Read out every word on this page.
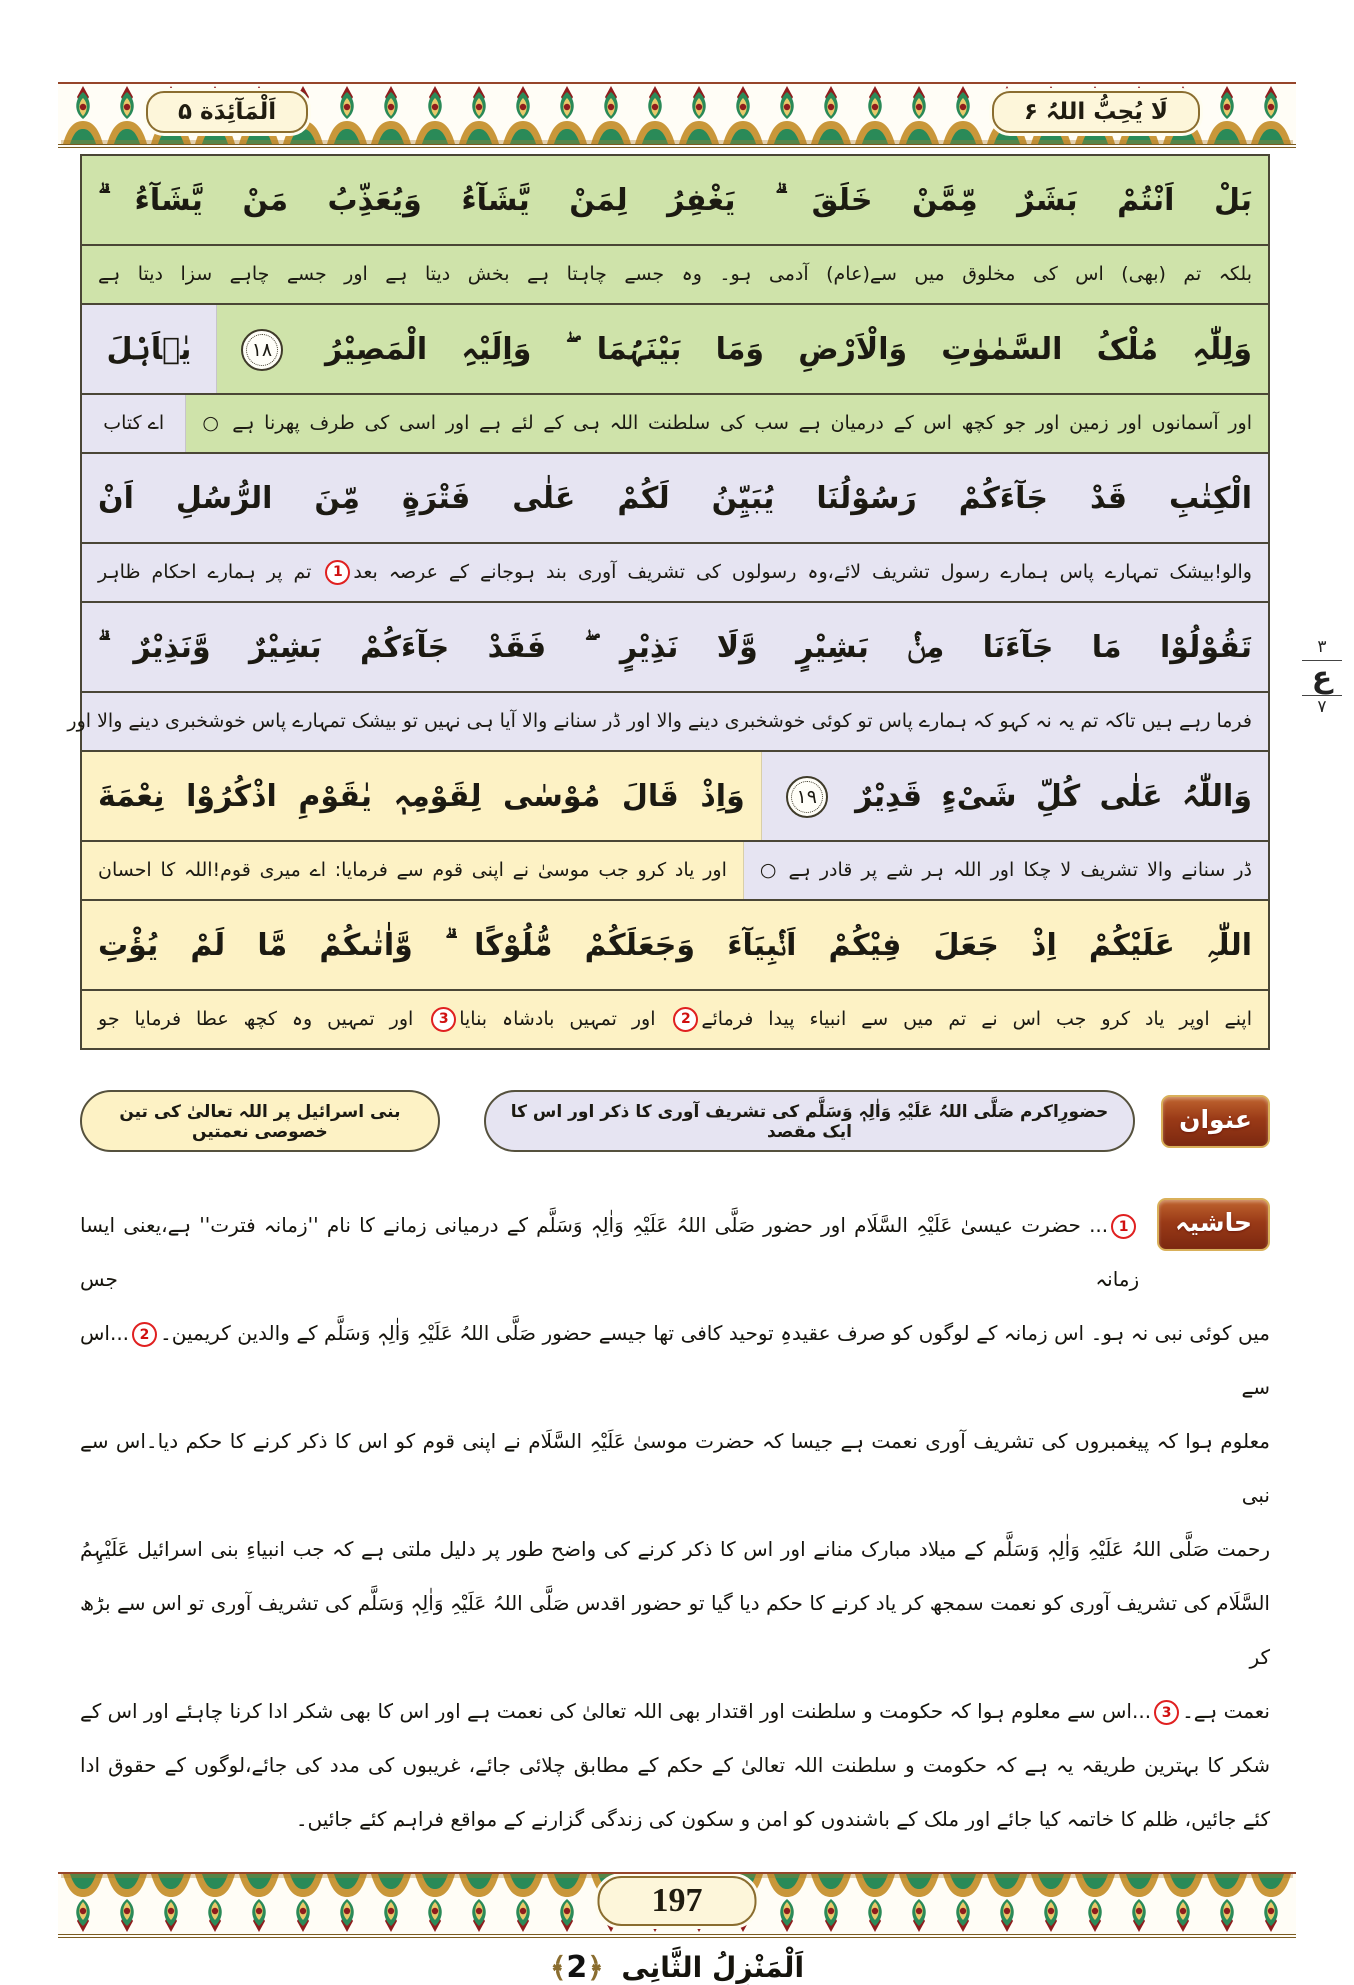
اَلْمَآئِدَة ۵	لَا یُحِبُّ اللہُ ۶
بَلْ اَنْتُمْ بَشَرٌ مِّمَّنْ خَلَقَ ۗ یَغْفِرُ لِمَنْ یَّشَآءُ وَیُعَذِّبُ مَنْ یَّشَآءُ ۗ
بلکہ تم (بھی) اس کی مخلوق میں سے(عام) آدمی ہو۔ وہ جسے چاہتا ہے بخش دیتا ہے اور جسے چاہے سزا دیتا ہے
وَلِلّٰہِ مُلْکُ السَّمٰوٰتِ وَالْاَرْضِ وَمَا بَیْنَہُمَا ۖ وَاِلَیْہِ الْمَصِیْرُ ۱۸
یٰۤاَہْلَ
اور آسمانوں اور زمین اور جو کچھ اس کے درمیان ہے سب کی سلطنت اللہ ہی کے لئے ہے اور اسی کی طرف پھرنا ہے ○
اے کتاب
الْکِتٰبِ قَدْ جَآءَکُمْ رَسُوْلُنَا یُبَیِّنُ لَکُمْ عَلٰی فَتْرَةٍ مِّنَ الرُّسُلِ اَنْ
والو!بیشک تمہارے پاس ہمارے رسول تشریف لائے،وہ رسولوں کی تشریف آوری بند ہوجانے کے عرصہ بعد1 تم پر ہمارے احکام ظاہر
تَقُوْلُوْا مَا جَآءَنَا مِنْۢ بَشِیْرٍ وَّلَا نَذِیْرٍ ۖ فَقَدْ جَآءَکُمْ بَشِیْرٌ وَّنَذِیْرٌ ۗ
فرما رہے ہیں تاکہ تم یہ نہ کہو کہ ہمارے پاس تو کوئی خوشخبری دینے والا اور ڈر سنانے والا آیا ہی نہیں تو بیشک تمہارے پاس خوشخبری دینے والا اور
وَاللّٰہُ عَلٰی کُلِّ شَیْءٍ قَدِیْرٌ ۱۹
وَاِذْ قَالَ مُوْسٰی لِقَوْمِہٖ یٰقَوْمِ اذْکُرُوْا نِعْمَةَ
ڈر سنانے والا تشریف لا چکا اور اللہ ہر شے پر قادر ہے ○
اور یاد کرو جب موسیٰ نے اپنی قوم سے فرمایا: اے میری قوم!اللہ کا احسان
اللّٰہِ عَلَیْکُمْ اِذْ جَعَلَ فِیْکُمْ اَنْۢبِیَآءَ وَجَعَلَکُمْ مُّلُوْکًا ۗ وَّاٰتٰىکُمْ مَّا لَمْ یُؤْتِ
اپنے اوپر یاد کرو جب اس نے تم میں سے انبیاء پیدا فرمائے2 اور تمہیں بادشاہ بنایا3 اور تمہیں وہ کچھ عطا فرمایا جو
۳
ع
۷
عنوان
حضورِاکرم صَلَّی اللہُ عَلَیْہِ وَاٰلِہٖ وَسَلَّم کی تشریف آوری کا ذکر اور اس کا ایک مقصد
بنی اسرائیل پر اللہ تعالیٰ کی تین خصوصی نعمتیں
حاشیہ
1... حضرت عیسیٰ عَلَیْہِ السَّلَام اور حضور صَلَّی اللہُ عَلَیْہِ وَاٰلِہٖ وَسَلَّم کے درمیانی زمانے کا نام ''زمانہ فترت'' ہے،یعنی ایسا زمانہ جس
میں کوئی نبی نہ ہو۔ اس زمانہ کے لوگوں کو صرف عقیدہِ توحید کافی تھا جیسے حضور صَلَّی اللہُ عَلَیْہِ وَاٰلِہٖ وَسَلَّم کے والدین کریمین۔2...اس سے
معلوم ہوا کہ پیغمبروں کی تشریف آوری نعمت ہے جیسا کہ حضرت موسیٰ عَلَیْہِ السَّلَام نے اپنی قوم کو اس کا ذکر کرنے کا حکم دیا۔اس سے نبی
رحمت صَلَّی اللہُ عَلَیْہِ وَاٰلِہٖ وَسَلَّم کے میلاد مبارک منانے اور اس کا ذکر کرنے کی واضح طور پر دلیل ملتی ہے کہ جب انبیاءِ بنی اسرائیل عَلَیْہِمُ
السَّلَام کی تشریف آوری کو نعمت سمجھ کر یاد کرنے کا حکم دیا گیا تو حضور اقدس صَلَّی اللہُ عَلَیْہِ وَاٰلِہٖ وَسَلَّم کی تشریف آوری تو اس سے بڑھ کر
نعمت ہے۔3...اس سے معلوم ہوا کہ حکومت و سلطنت اور اقتدار بھی اللہ تعالیٰ کی نعمت ہے اور اس کا بھی شکر ادا کرنا چاہئے اور اس کے
شکر کا بہترین طریقہ یہ ہے کہ حکومت و سلطنت اللہ تعالیٰ کے حکم کے مطابق چلائی جائے، غریبوں کی مدد کی جائے،لوگوں کے حقوق ادا
کئے جائیں، ظلم کا خاتمہ کیا جائے اور ملک کے باشندوں کو امن و سکون کی زندگی گزارنے کے مواقع فراہم کئے جائیں۔
197
اَلْمَنْزِلُ الثَّانِی ﴿2﴾
